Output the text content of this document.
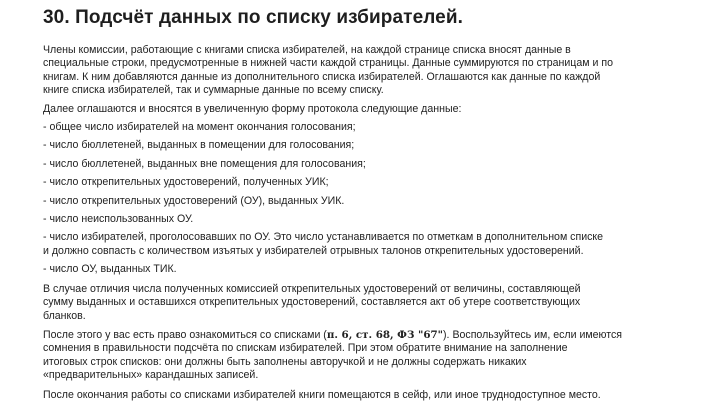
30. Подсчёт данных по списку избирателей.
Члены комиссии, работающие с книгами списка избирателей, на каждой странице списка вносят данные в
специальные строки, предусмотренные в нижней части каждой страницы. Данные суммируются по страницам и по
книгам. К ним добавляются данные из дополнительного списка избирателей. Оглашаются как данные по каждой
книге списка избирателей, так и суммарные данные по всему списку.
Далее оглашаются и вносятся в увеличенную форму протокола следующие данные:
- общее число избирателей на момент окончания голосования;
- число бюллетеней, выданных в помещении для голосования;
- число бюллетеней, выданных вне помещения для голосования;
- число открепительных удостоверений, полученных УИК;
- число открепительных удостоверений (ОУ), выданных УИК.
- число неиспользованных ОУ.
- число избирателей, проголосовавших по ОУ. Это число устанавливается по отметкам в дополнительном списке
и должно совпасть с количеством изъятых у избирателей отрывных талонов открепительных удостоверений.
- число ОУ, выданных ТИК.
В случае отличия числа полученных комиссией открепительных удостоверений от величины, составляющей
сумму выданных и оставшихся открепительных удостоверений, составляется акт об утере соответствующих
бланков.
После этого у вас есть право ознакомиться со списками (п. 6, ст. 68, ФЗ "67"). Воспользуйтесь им, если имеются
сомнения в правильности подсчёта по спискам избирателей. При этом обратите внимание на заполнение
итоговых строк списков: они должны быть заполнены авторучкой и не должны содержать никаких
«предварительных» карандашных записей.
После окончания работы со списками избирателей книги помещаются в сейф, или иное труднодоступное место.
